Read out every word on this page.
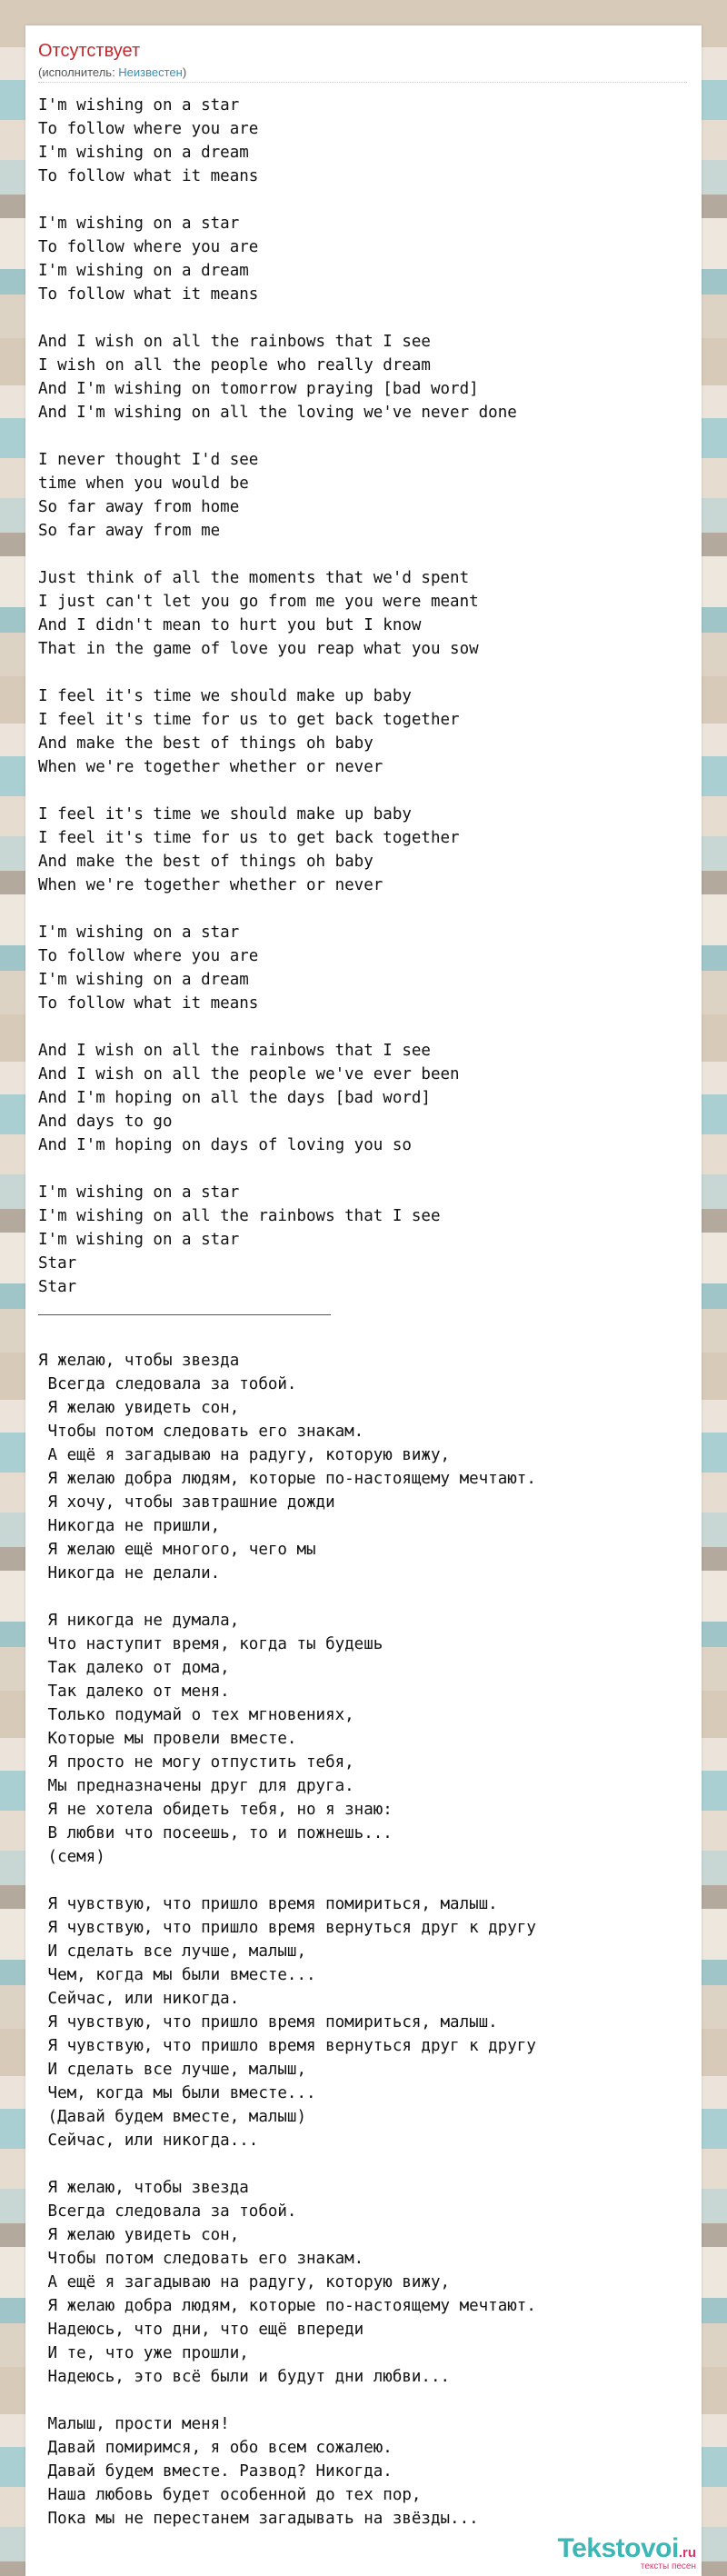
Отсутствует
(исполнитель: Неизвестен)
I'm wishing on a star
To follow where you are
I'm wishing on a dream
To follow what it means

I'm wishing on a star
To follow where you are
I'm wishing on a dream
To follow what it means

And I wish on all the rainbows that I see
I wish on all the people who really dream
And I'm wishing on tomorrow praying [bad word]
And I'm wishing on all the loving we've never done

I never thought I'd see
time when you would be
So far away from home
So far away from me

Just think of all the moments that we'd spent
I just can't let you go from me you were meant
And I didn't mean to hurt you but I know
That in the game of love you reap what you sow

I feel it's time we should make up baby
I feel it's time for us to get back together
And make the best of things oh baby
When we're together whether or never

I feel it's time we should make up baby
I feel it's time for us to get back together
And make the best of things oh baby
When we're together whether or never

I'm wishing on a star
To follow where you are
I'm wishing on a dream
To follow what it means

And I wish on all the rainbows that I see
And I wish on all the people we've ever been
And I'm hoping on all the days [bad word]
And days to go
And I'm hoping on days of loving you so

I'm wishing on a star
I'm wishing on all the rainbows that I see
I'm wishing on a star
Star
Star
Я желаю, чтобы звезда
Всегда следовала за тобой.
Я желаю увидеть сон,
Чтобы потом следовать его знакам.
А ещё я загадываю на радугу, которую вижу,
Я желаю добра людям, которые по-настоящему мечтают.
Я хочу, чтобы завтрашние дожди
Никогда не пришли,
Я желаю ещё многого, чего мы
Никогда не делали.

Я никогда не думала,
Что наступит время, когда ты будешь
Так далеко от дома,
Так далеко от меня.
Только подумай о тех мгновениях,
Которые мы провели вместе.
Я просто не могу отпустить тебя,
Мы предназначены друг для друга.
Я не хотела обидеть тебя, но я знаю:
В любви что посеешь, то и пожнешь...
(семя)

Я чувствую, что пришло время помириться, малыш.
Я чувствую, что пришло время вернуться друг к другу
И сделать все лучше, малыш,
Чем, когда мы были вместе...
Сейчас, или никогда.
Я чувствую, что пришло время помириться, малыш.
Я чувствую, что пришло время вернуться друг к другу
И сделать все лучше, малыш,
Чем, когда мы были вместе...
(Давай будем вместе, малыш)
Сейчас, или никогда...

Я желаю, чтобы звезда
Всегда следовала за тобой.
Я желаю увидеть сон,
Чтобы потом следовать его знакам.
А ещё я загадываю на радугу, которую вижу,
Я желаю добра людям, которые по-настоящему мечтают.
Надеюсь, что дни, что ещё впереди
И те, что уже прошли,
Надеюсь, это всё были и будут дни любви...

Малыш, прости меня!
Давай помиримся, я обо всем сожалею.
Давай будем вместе. Развод? Никогда.
Наша любовь будет особенной до тех пор,
Пока мы не перестанем загадывать на звёзды...
Tekstovoi.ru
тексты песен
